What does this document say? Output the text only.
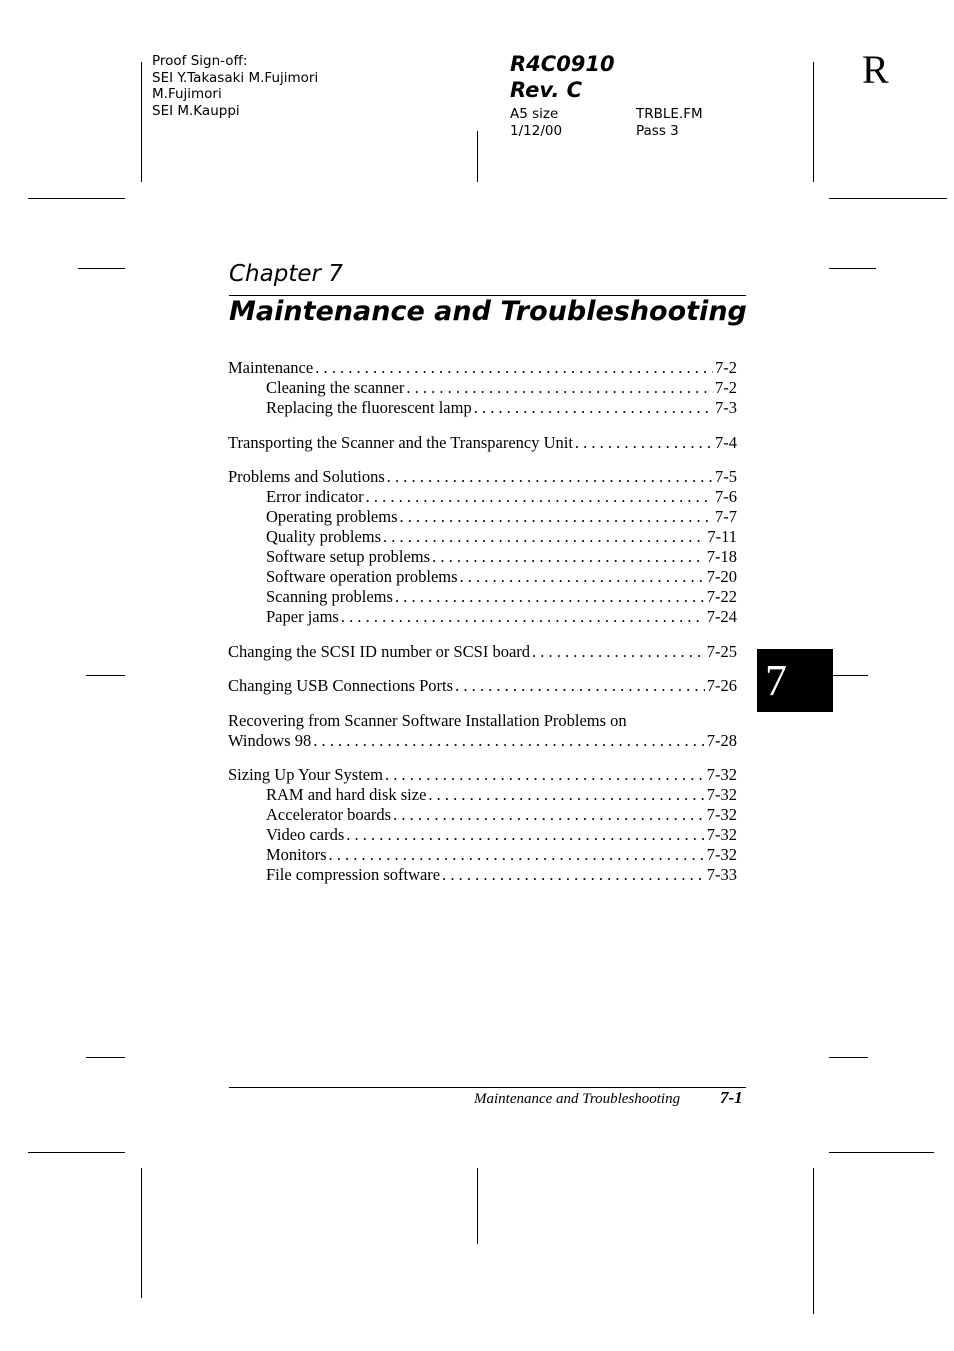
Proof Sign-off:
SEI Y.Takasaki M.Fujimori
M.Fujimori
SEI M.Kauppi
R4C0910
Rev. C
A5 size
1/12/00
TRBLE.FM
Pass 3
R
Chapter 7
Maintenance and Troubleshooting
Maintenance . . .	7-2
Cleaning the scanner . . .	7-2
Replacing the fluorescent lamp . . .	7-3
Transporting the Scanner and the Transparency Unit . . .	7-4
Problems and Solutions . . .	7-5
Error indicator . . .	7-6
Operating problems . . .	7-7
Quality problems . . .	7-11
Software setup problems . . .	7-18
Software operation problems . . .	7-20
Scanning problems . . .	7-22
Paper jams . . .	7-24
Changing the SCSI ID number or SCSI board . . .	7-25
Changing USB Connections Ports . . .	7-26
Recovering from Scanner Software Installation Problems on
Windows 98 . . .	7-28
Sizing Up Your System . . .	7-32
RAM and hard disk size . . .	7-32
Accelerator boards . . .	7-32
Video cards . . .	7-32
Monitors . . .	7-32
File compression software . . .	7-33
7
Maintenance and Troubleshooting 7-1
